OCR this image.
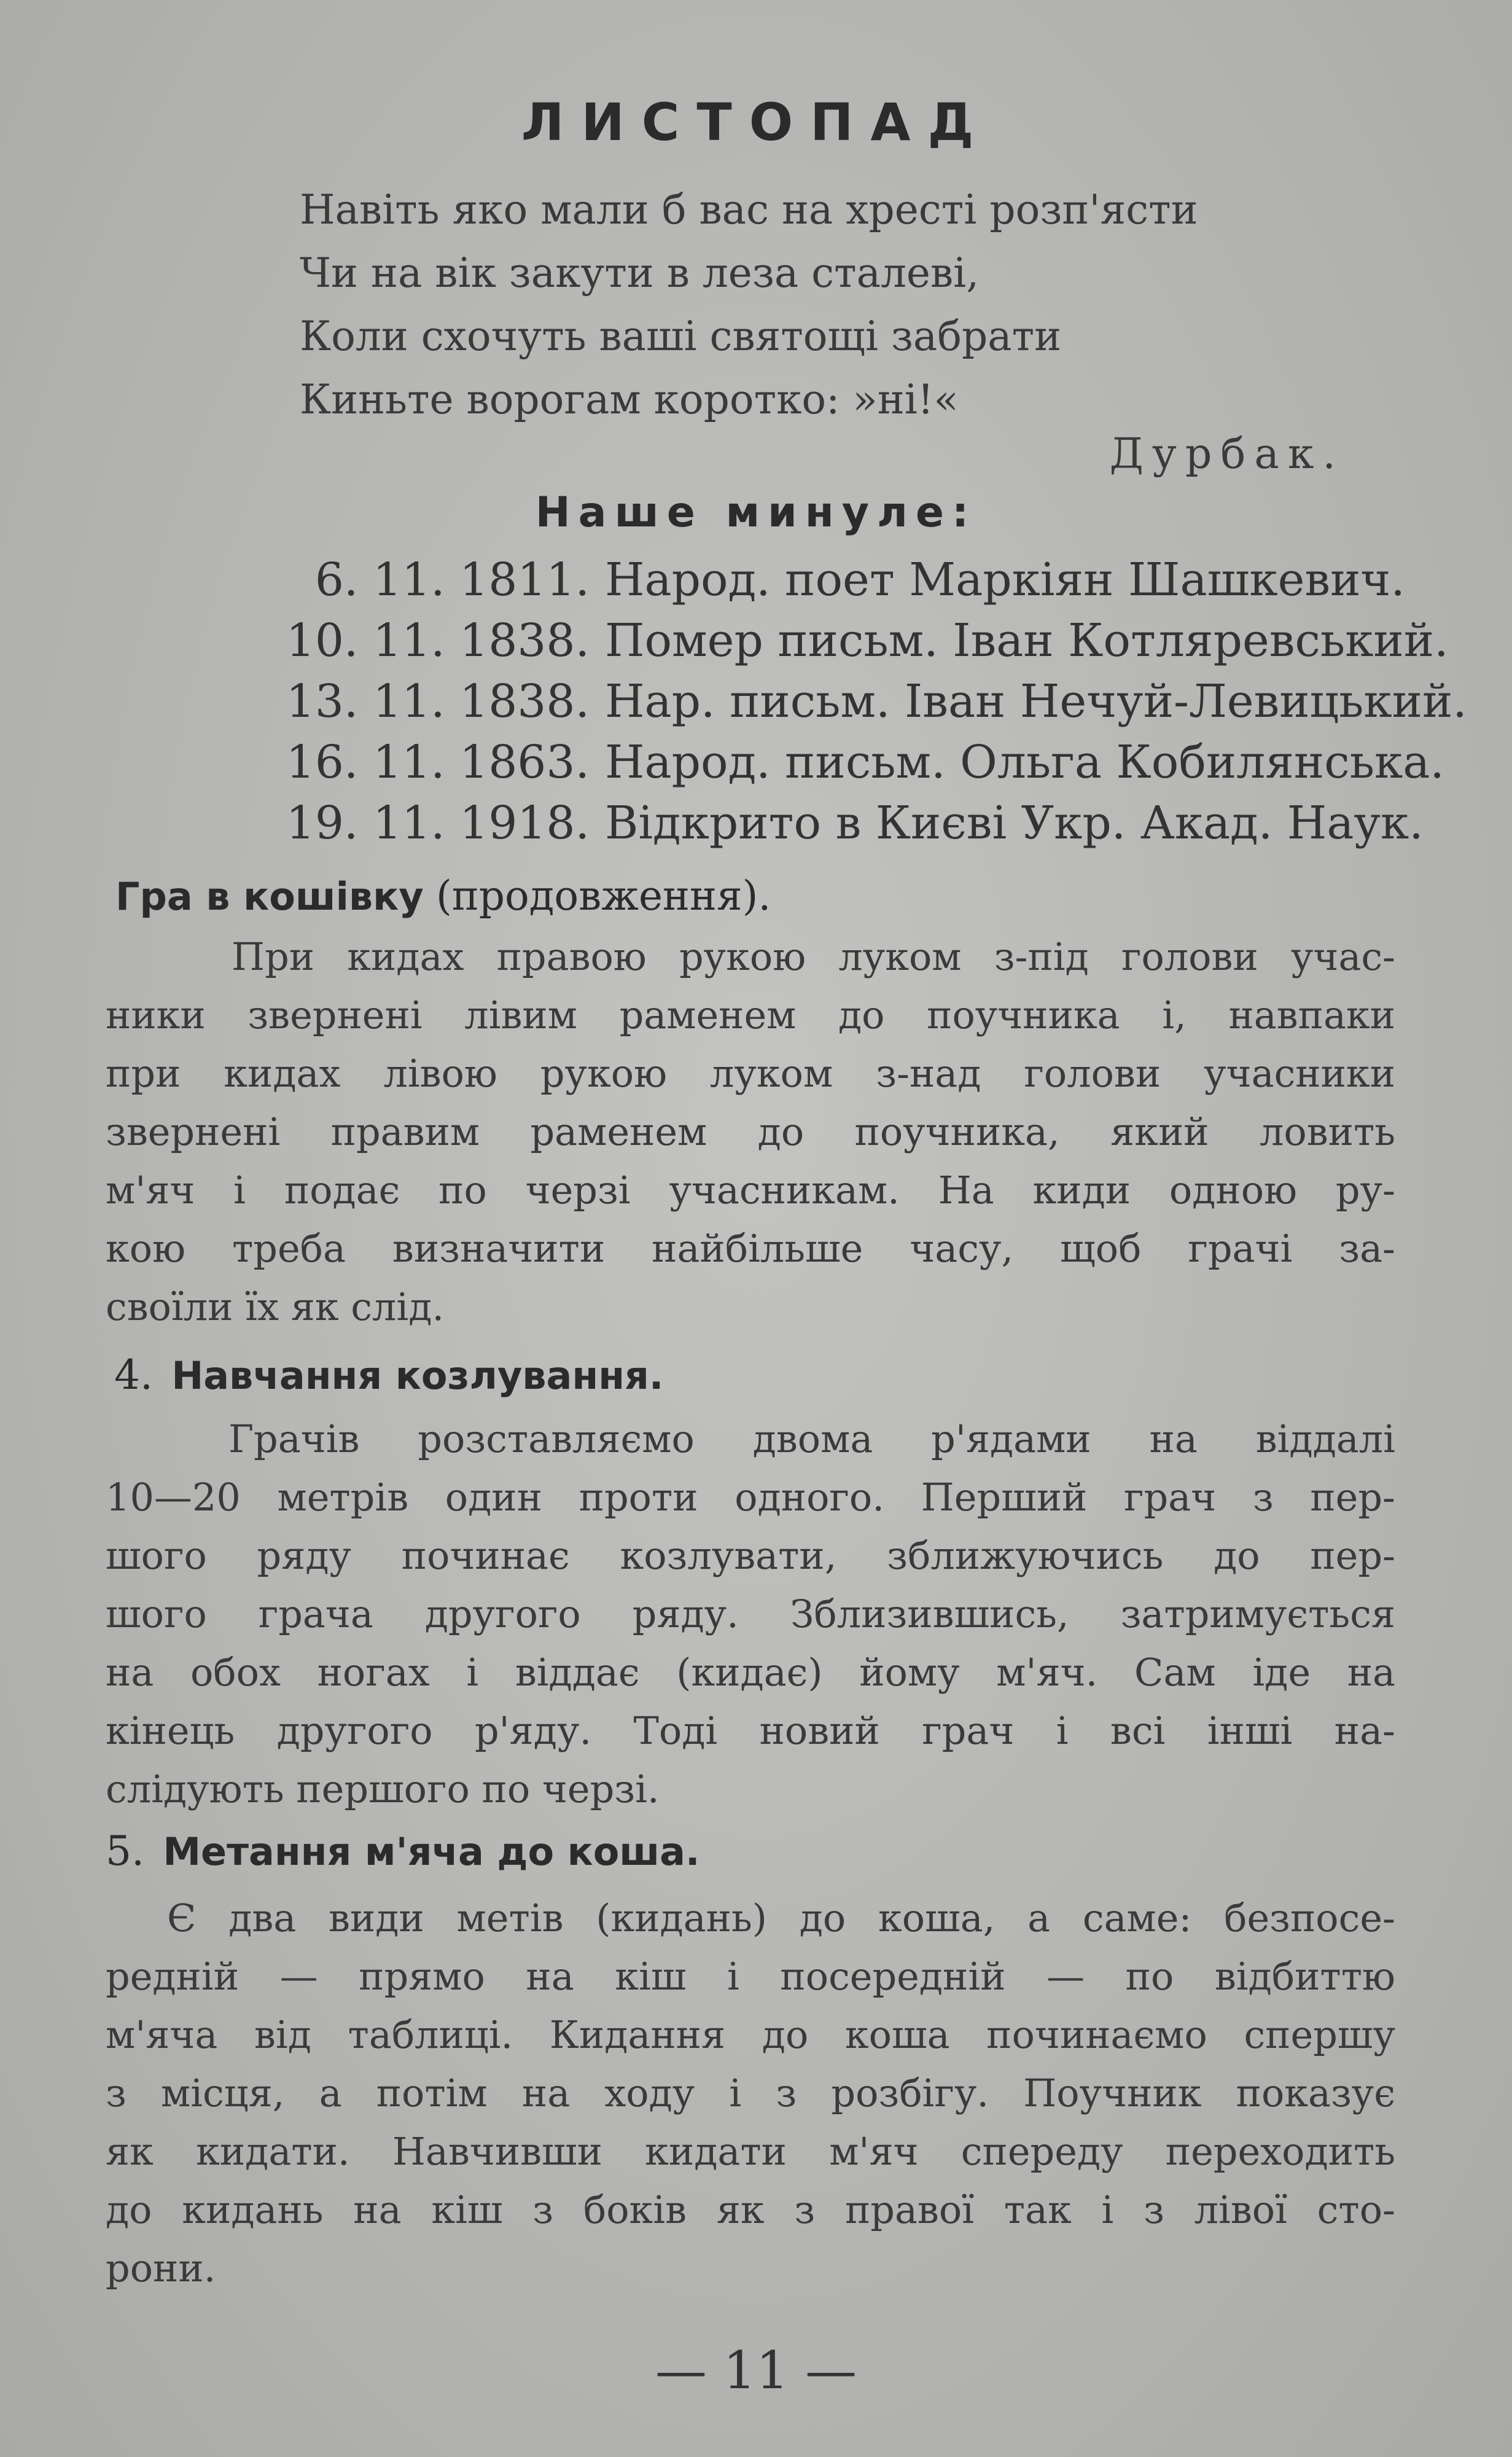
ЛИСТОПАД
Навіть яко мали б вас на хресті розп'ясти
Чи на вік закути в леза сталеві,
Коли схочуть ваші святощі забрати
Киньте ворогам коротко: »ні!«
Дурбак.
Наше минуле:
6. 11. 1811. Народ. поет Маркіян Шашкевич.
10. 11. 1838. Помер письм. Іван Котляревський.
13. 11. 1838. Нар. письм. Іван Нечуй-Левицький.
16. 11. 1863. Народ. письм. Ольга Кобилянська.
19. 11. 1918. Відкрито в Києві Укр. Акад. Наук.
Гра в кошівку (продовження).
При кидах правою рукою луком з-під голови учас-
ники звернені лівим раменем до поучника і, навпаки
при кидах лівою рукою луком з-над голови учасники
звернені правим раменем до поучника, який ловить
м'яч і подає по черзі учасникам. На киди одною ру-
кою треба визначити найбільше часу, щоб грачі за-
своїли їх як слід.
4. Навчання козлування.
Грачів розставляємо двома р'ядами на віддалі
10—20 метрів один проти одного. Перший грач з пер-
шого ряду починає козлувати, зближуючись до пер-
шого грача другого ряду. Зблизившись, затримується
на обох ногах і віддає (кидає) йому м'яч. Сам іде на
кінець другого р'яду. Тоді новий грач і всі інші на-
слідують першого по черзі.
5. Метання м'яча до коша.
Є два види метів (кидань) до коша, а саме: безпосе-
редній — прямо на кіш і посередній — по відбиттю
м'яча від таблиці. Кидання до коша починаємо спершу
з місця, а потім на ходу і з розбігу. Поучник показує
як кидати. Навчивши кидати м'яч спереду переходить
до кидань на кіш з боків як з правої так і з лівої сто-
рони.
— 11 —
